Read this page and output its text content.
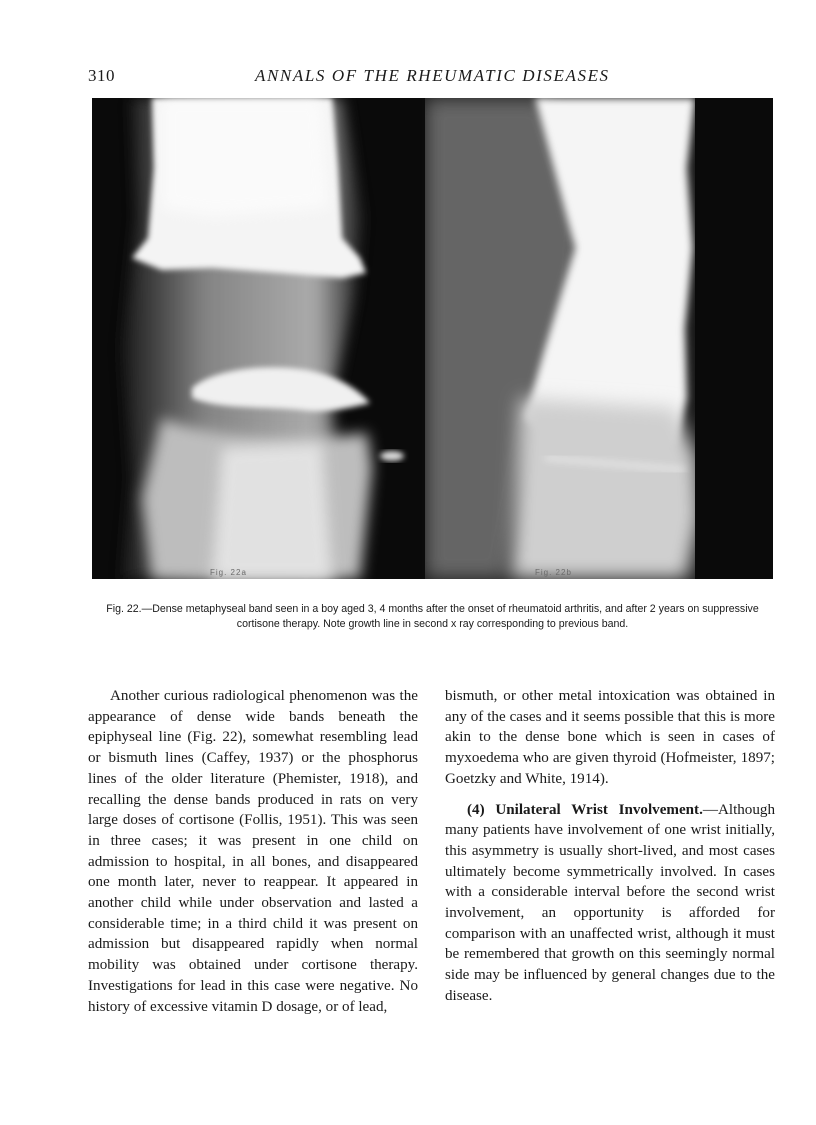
310	ANNALS OF THE RHEUMATIC DISEASES
Fig. 22a	Fig. 22b
Fig. 22.—Dense metaphyseal band seen in a boy aged 3, 4 months after the onset of rheumatoid arthritis, and after 2 years on suppressive cortisone therapy. Note growth line in second x ray corresponding to previous band.

Another curious radiological phenomenon was the appearance of dense wide bands beneath the epiphyseal line (Fig. 22), somewhat resembling lead or bismuth lines (Caffey, 1937) or the phosphorus lines of the older literature (Phemister, 1918), and recalling the dense bands produced in rats on very large doses of cortisone (Follis, 1951). This was seen in three cases; it was present in one child on admission to hospital, in all bones, and disappeared one month later, never to reappear. It appeared in another child while under observation and lasted a considerable time; in a third child it was present on admission but disappeared rapidly when normal mobility was obtained under cortisone therapy. Investigations for lead in this case were negative. No history of excessive vitamin D dosage, or of lead,

bismuth, or other metal intoxication was obtained in any of the cases and it seems possible that this is more akin to the dense bone which is seen in cases of myxoedema who are given thyroid (Hofmeister, 1897; Goetzky and White, 1914).

(4) Unilateral Wrist Involvement.—Although many patients have involvement of one wrist initially, this asymmetry is usually short-lived, and most cases ultimately become symmetrically involved. In cases with a considerable interval before the second wrist involvement, an opportunity is afforded for comparison with an unaffected wrist, although it must be remembered that growth on this seemingly normal side may be influenced by general changes due to the disease.
